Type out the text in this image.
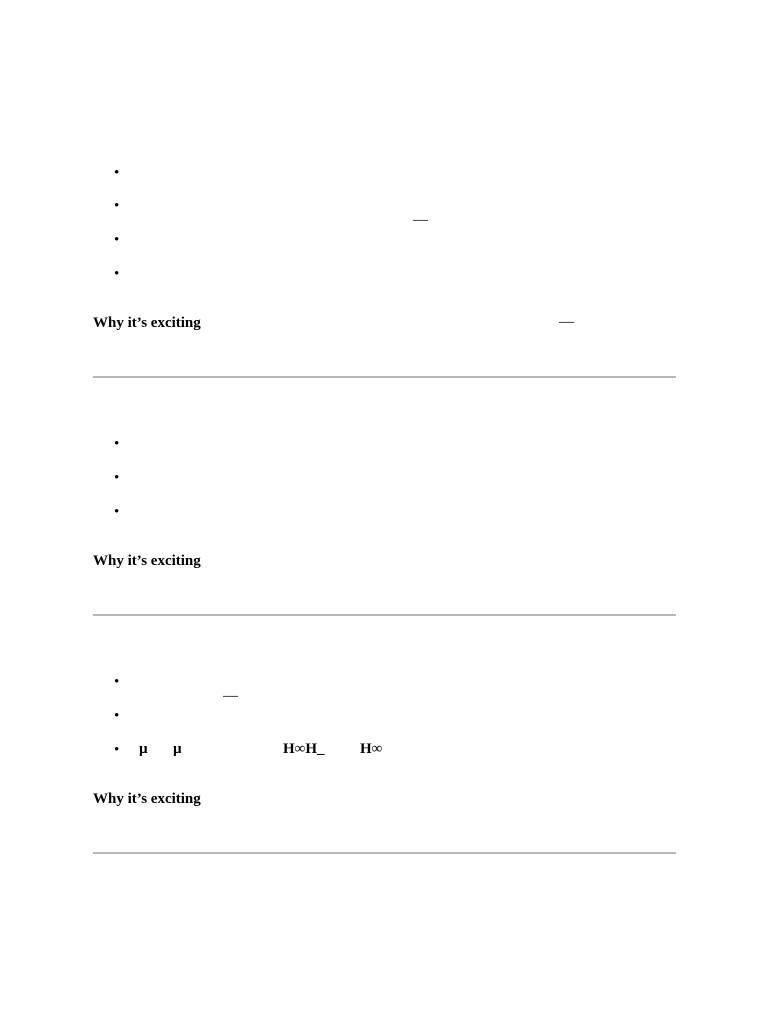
•
•
—
•
•
Why it’s exciting	—
•
•
•
Why it’s exciting
•
—
•
•
µ µ	H∞H_ H∞
Why it’s exciting
